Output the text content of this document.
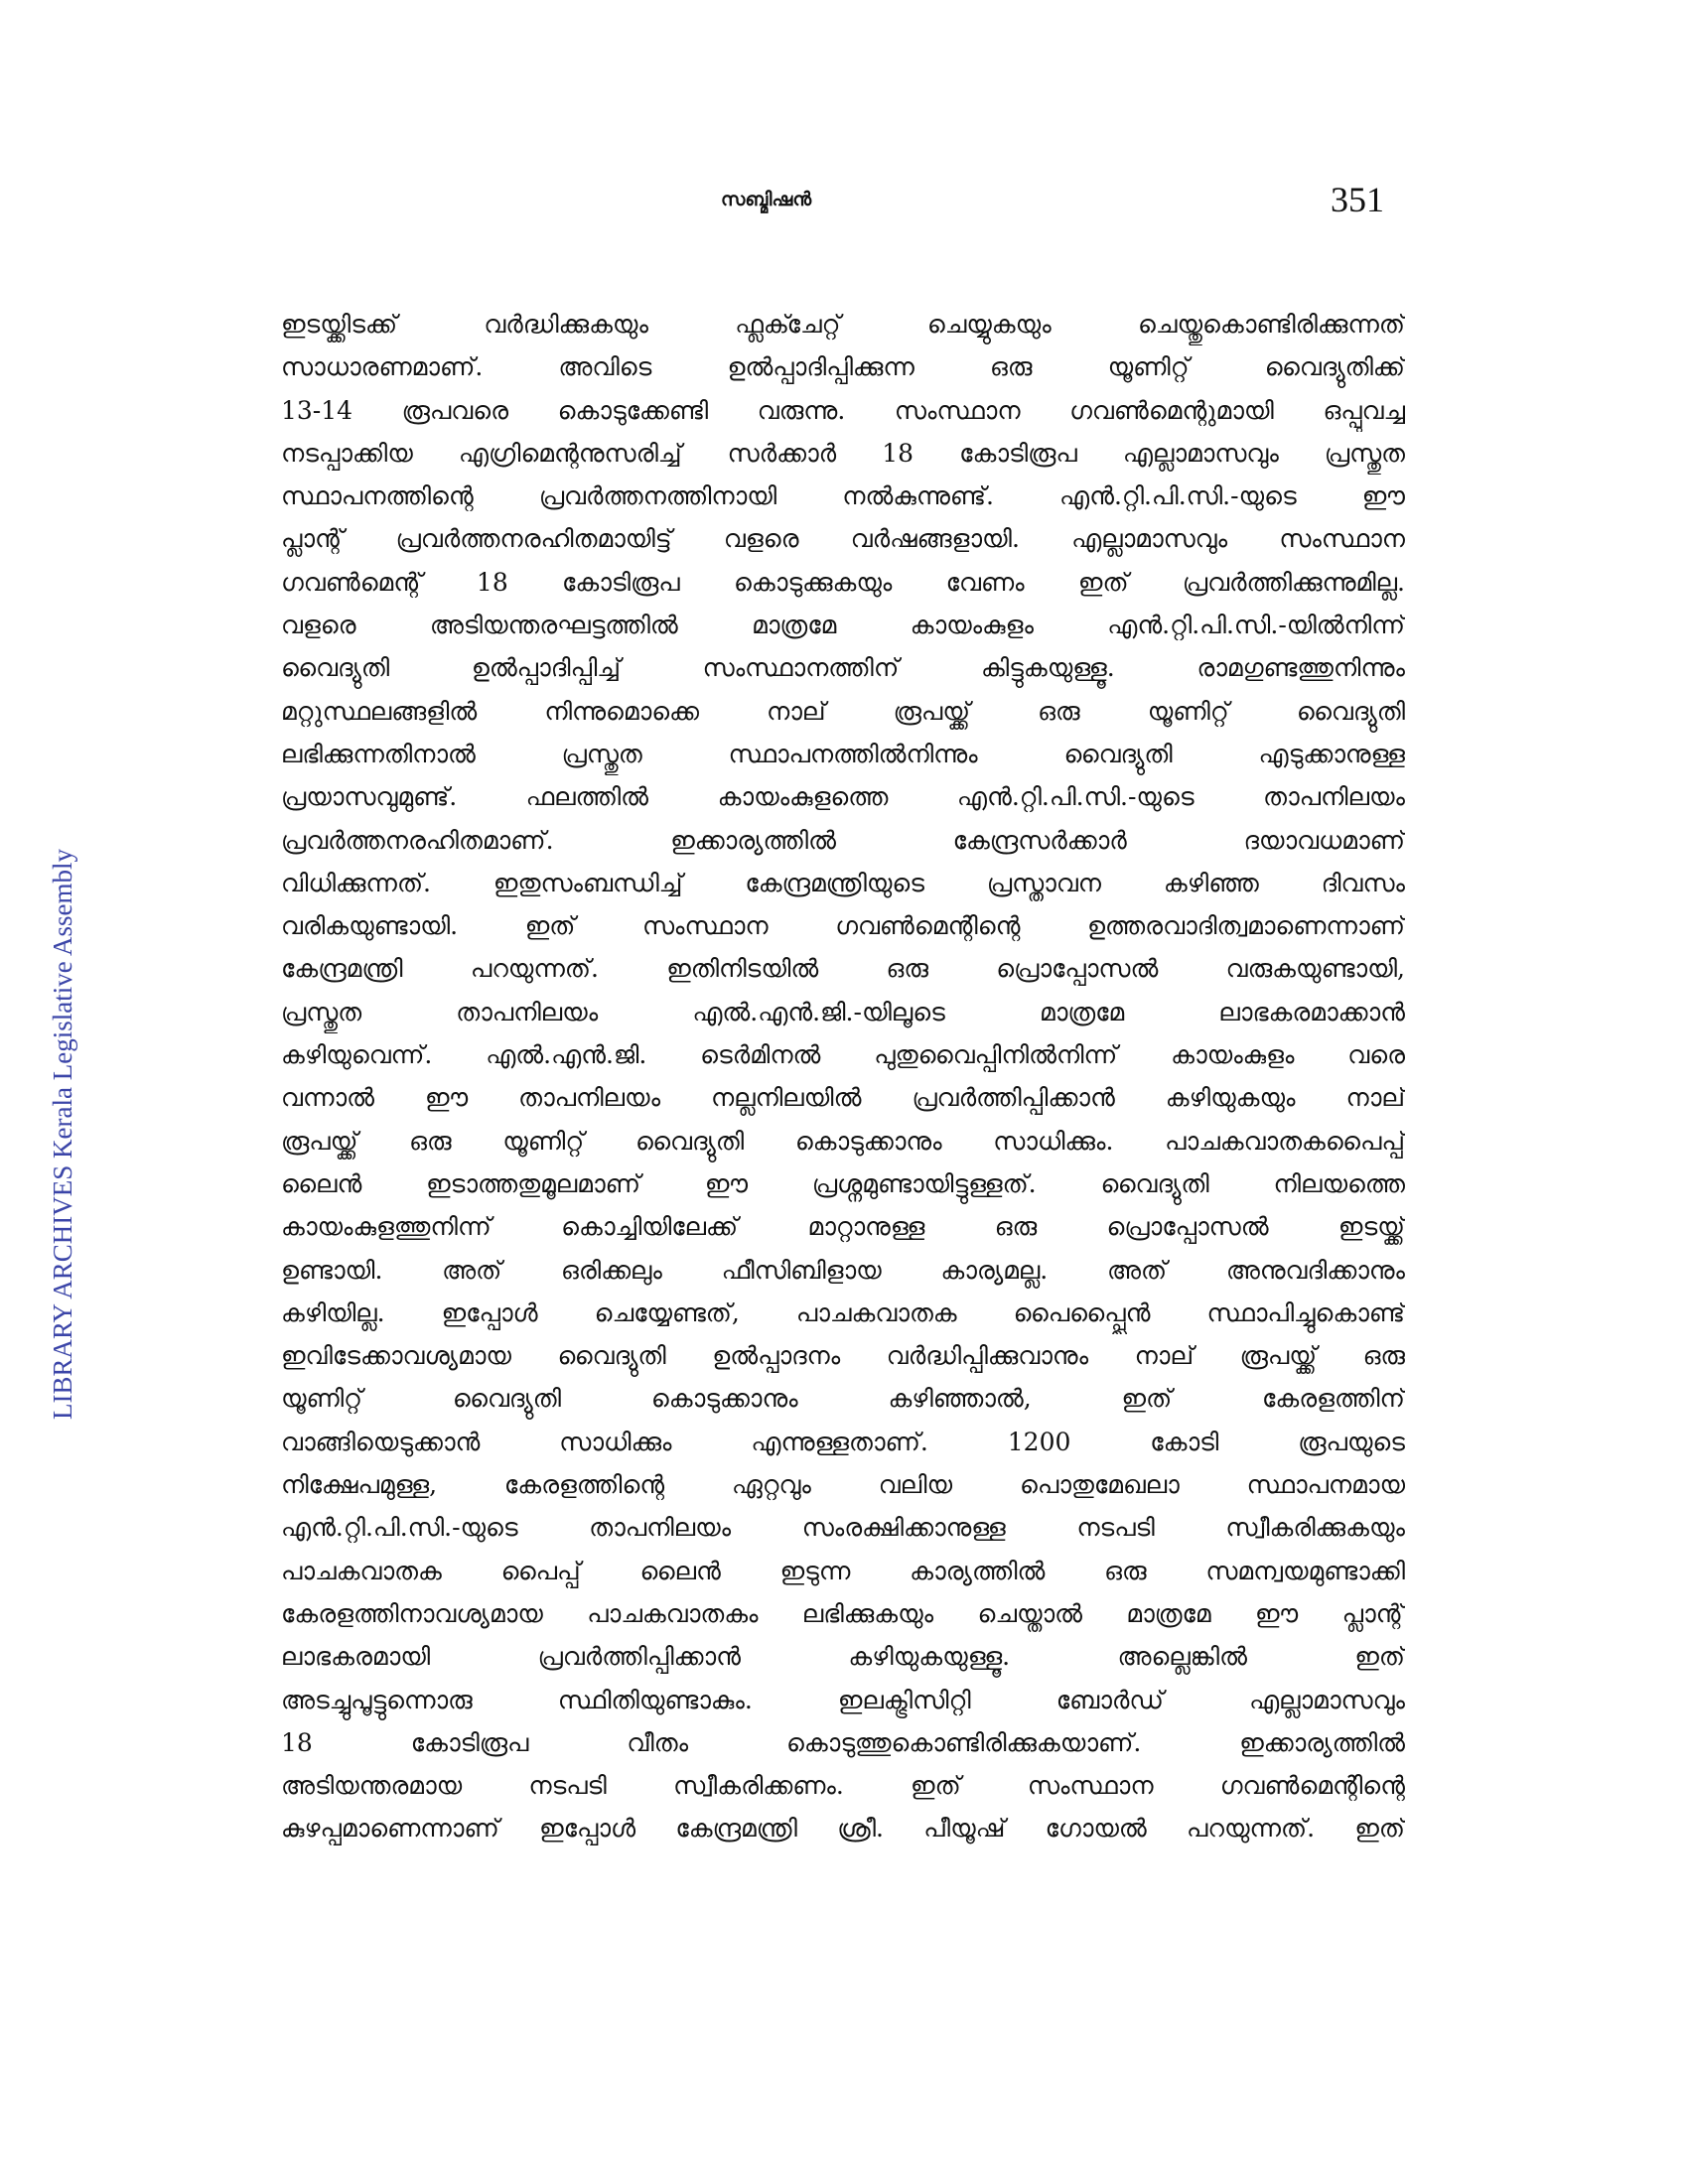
സബ്മിഷൻ	351
LIBRARY ARCHIVES Kerala Legislative Assembly
ഇടയ്ക്കിടക്ക് വർദ്ധിക്കുകയും ഫ്ലക്ചേറ്റ് ചെയ്യുകയും ചെയ്തുകൊണ്ടിരിക്കുന്നത്
സാധാരണമാണ്. അവിടെ ഉൽപ്പാദിപ്പിക്കുന്ന ഒരു യൂണിറ്റ് വൈദ്യുതിക്ക്
13-14 രൂപവരെ കൊടുക്കേണ്ടി വരുന്നു. സംസ്ഥാന ഗവൺമെന്റുമായി ഒപ്പുവച്ച
നടപ്പാക്കിയ എഗ്രിമെന്റനുസരിച്ച് സർക്കാർ 18 കോടിരൂപ എല്ലാമാസവും പ്രസ്തുത
സ്ഥാപനത്തിന്റെ പ്രവർത്തനത്തിനായി നൽകുന്നുണ്ട്. എൻ.റ്റി.പി.സി.-യുടെ ഈ
പ്ലാന്റ് പ്രവർത്തനരഹിതമായിട്ട് വളരെ വർഷങ്ങളായി. എല്ലാമാസവും സംസ്ഥാന
ഗവൺമെന്റ് 18 കോടിരൂപ കൊടുക്കുകയും വേണം ഇത് പ്രവർത്തിക്കുന്നുമില്ല.
വളരെ അടിയന്തരഘട്ടത്തിൽ മാത്രമേ കായംകുളം എൻ.റ്റി.പി.സി.-യിൽനിന്ന്
വൈദ്യുതി ഉൽപ്പാദിപ്പിച്ച് സംസ്ഥാനത്തിന് കിട്ടുകയുള്ളൂ. രാമഗുണ്ടത്തുനിന്നും
മറ്റുസ്ഥലങ്ങളിൽ നിന്നുമൊക്കെ നാല് രൂപയ്ക്ക് ഒരു യൂണിറ്റ് വൈദ്യുതി
ലഭിക്കുന്നതിനാൽ പ്രസ്തുത സ്ഥാപനത്തിൽനിന്നും വൈദ്യുതി എടുക്കാനുള്ള
പ്രയാസവുമുണ്ട്. ഫലത്തിൽ കായംകുളത്തെ എൻ.റ്റി.പി.സി.-യുടെ താപനിലയം
പ്രവർത്തനരഹിതമാണ്. ഇക്കാര്യത്തിൽ കേന്ദ്രസർക്കാർ ദയാവധമാണ്
വിധിക്കുന്നത്. ഇതുസംബന്ധിച്ച് കേന്ദ്രമന്ത്രിയുടെ പ്രസ്താവന കഴിഞ്ഞ ദിവസം
വരികയുണ്ടായി. ഇത് സംസ്ഥാന ഗവൺമെന്റിന്റെ ഉത്തരവാദിത്വമാണെന്നാണ്
കേന്ദ്രമന്ത്രി പറയുന്നത്. ഇതിനിടയിൽ ഒരു പ്രൊപ്പോസൽ വരുകയുണ്ടായി,
പ്രസ്തുത താപനിലയം എൽ.എൻ.ജി.-യിലൂടെ മാത്രമേ ലാഭകരമാക്കാൻ
കഴിയുവെന്ന്. എൽ.എൻ.ജി. ടെർമിനൽ പുതുവൈപ്പിനിൽനിന്ന് കായംകുളം വരെ
വന്നാൽ ഈ താപനിലയം നല്ലനിലയിൽ പ്രവർത്തിപ്പിക്കാൻ കഴിയുകയും നാല്
രൂപയ്ക്ക് ഒരു യൂണിറ്റ് വൈദ്യുതി കൊടുക്കാനും സാധിക്കും. പാചകവാതകപൈപ്പ്
ലൈൻ ഇടാത്തതുമൂലമാണ് ഈ പ്രശ്നമുണ്ടായിട്ടുള്ളത്. വൈദ്യുതി നിലയത്തെ
കായംകുളത്തുനിന്ന് കൊച്ചിയിലേക്ക് മാറ്റാനുള്ള ഒരു പ്രൊപ്പോസൽ ഇടയ്ക്ക്
ഉണ്ടായി. അത് ഒരിക്കലും ഫീസിബിളായ കാര്യമല്ല. അത് അനുവദിക്കാനും
കഴിയില്ല. ഇപ്പോൾ ചെയ്യേണ്ടത്, പാചകവാതക പൈപ്പ്ലൈൻ സ്ഥാപിച്ചുകൊണ്ട്
ഇവിടേക്കാവശ്യമായ വൈദ്യുതി ഉൽപ്പാദനം വർദ്ധിപ്പിക്കുവാനും നാല് രൂപയ്ക്ക് ഒരു
യൂണിറ്റ് വൈദ്യുതി കൊടുക്കാനും കഴിഞ്ഞാൽ, ഇത് കേരളത്തിന്
വാങ്ങിയെടുക്കാൻ സാധിക്കും എന്നുള്ളതാണ്. 1200 കോടി രൂപയുടെ
നിക്ഷേപമുള്ള, കേരളത്തിന്റെ ഏറ്റവും വലിയ പൊതുമേഖലാ സ്ഥാപനമായ
എൻ.റ്റി.പി.സി.-യുടെ താപനിലയം സംരക്ഷിക്കാനുള്ള നടപടി സ്വീകരിക്കുകയും
പാചകവാതക പൈപ്പ് ലൈൻ ഇടുന്ന കാര്യത്തിൽ ഒരു സമന്വയമുണ്ടാക്കി
കേരളത്തിനാവശ്യമായ പാചകവാതകം ലഭിക്കുകയും ചെയ്താൽ മാത്രമേ ഈ പ്ലാന്റ്
ലാഭകരമായി പ്രവർത്തിപ്പിക്കാൻ കഴിയുകയുള്ളൂ. അല്ലെങ്കിൽ ഇത്
അടച്ചുപൂട്ടുന്നൊരു സ്ഥിതിയുണ്ടാകും. ഇലക്ട്രിസിറ്റി ബോർഡ് എല്ലാമാസവും
18 കോടിരൂപ വീതം കൊടുത്തുകൊണ്ടിരിക്കുകയാണ്. ഇക്കാര്യത്തിൽ
അടിയന്തരമായ നടപടി സ്വീകരിക്കണം. ഇത് സംസ്ഥാന ഗവൺമെന്റിന്റെ
കുഴപ്പമാണെന്നാണ് ഇപ്പോൾ കേന്ദ്രമന്ത്രി ശ്രീ. പീയൂഷ് ഗോയൽ പറയുന്നത്. ഇത്
